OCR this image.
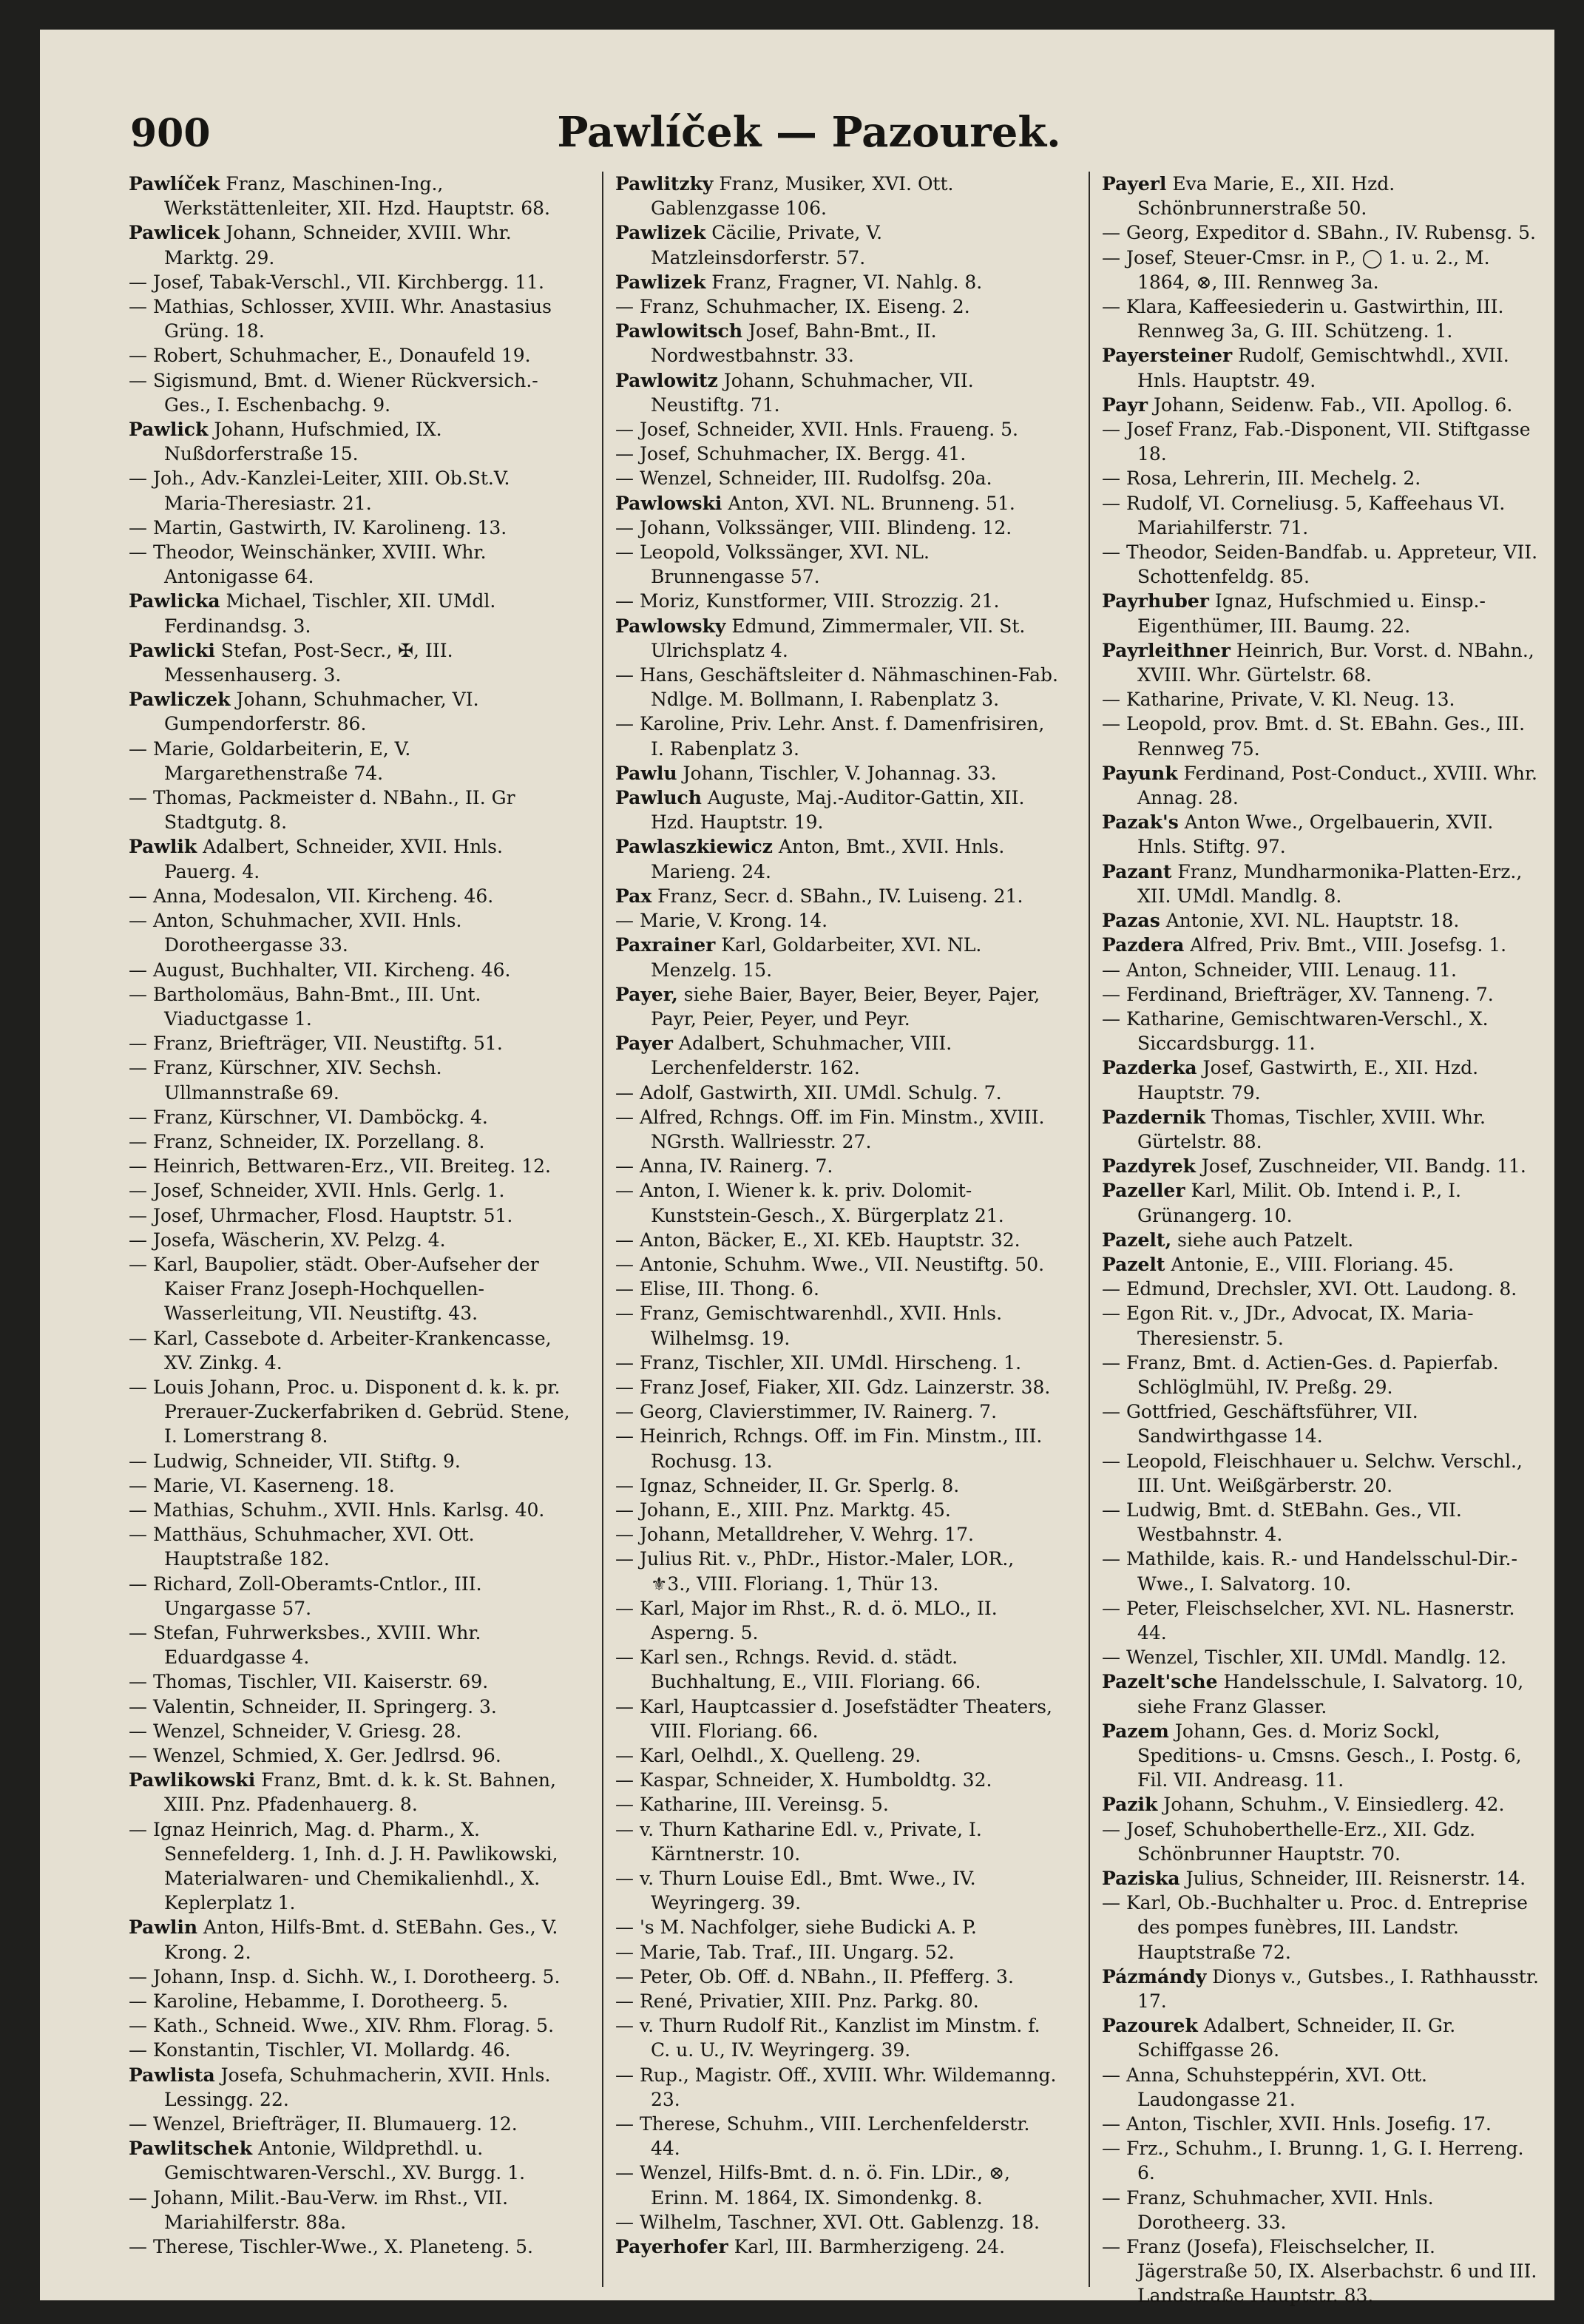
900	Pawlíček — Pazourek.
Pawlíček Franz, Maschinen-Ing., Werkstättenleiter, XII. Hzd. Hauptstr. 68.
Pawlicek Johann, Schneider, XVIII. Whr. Marktg. 29.
— Josef, Tabak-Verschl., VII. Kirchbergg. 11.
— Mathias, Schlosser, XVIII. Whr. Anastasius Grüng. 18.
— Robert, Schuhmacher, E., Donaufeld 19.
— Sigismund, Bmt. d. Wiener Rückversich.-Ges., I. Eschenbachg. 9.
Pawlick Johann, Hufschmied, IX. Nußdorferstraße 15.
— Joh., Adv.-Kanzlei-Leiter, XIII. Ob.St.V. Maria-Theresiastr. 21.
— Martin, Gastwirth, IV. Karolineng. 13.
— Theodor, Weinschänker, XVIII. Whr. Antonigasse 64.
Pawlicka Michael, Tischler, XII. UMdl. Ferdinandsg. 3.
Pawlicki Stefan, Post-Secr., ✠, III. Messenhauserg. 3.
Pawliczek Johann, Schuhmacher, VI. Gumpendorferstr. 86.
— Marie, Goldarbeiterin, E, V. Margarethenstraße 74.
— Thomas, Packmeister d. NBahn., II. Gr Stadtgutg. 8.
Pawlik Adalbert, Schneider, XVII. Hnls. Pauerg. 4.
— Anna, Modesalon, VII. Kircheng. 46.
— Anton, Schuhmacher, XVII. Hnls. Dorotheergasse 33.
— August, Buchhalter, VII. Kircheng. 46.
— Bartholomäus, Bahn-Bmt., III. Unt. Viaductgasse 1.
— Franz, Briefträger, VII. Neustiftg. 51.
— Franz, Kürschner, XIV. Sechsh. Ullmannstraße 69.
— Franz, Kürschner, VI. Damböckg. 4.
— Franz, Schneider, IX. Porzellang. 8.
— Heinrich, Bettwaren-Erz., VII. Breiteg. 12.
— Josef, Schneider, XVII. Hnls. Gerlg. 1.
— Josef, Uhrmacher, Flosd. Hauptstr. 51.
— Josefa, Wäscherin, XV. Pelzg. 4.
— Karl, Baupolier, städt. Ober-Aufseher der Kaiser Franz Joseph-Hochquellen-Wasserleitung, VII. Neustiftg. 43.
— Karl, Cassebote d. Arbeiter-Krankencasse, XV. Zinkg. 4.
— Louis Johann, Proc. u. Disponent d. k. k. pr. Prerauer-Zuckerfabriken d. Gebrüd. Stene, I. Lomerstrang 8.
— Ludwig, Schneider, VII. Stiftg. 9.
— Marie, VI. Kaserneng. 18.
— Mathias, Schuhm., XVII. Hnls. Karlsg. 40.
— Matthäus, Schuhmacher, XVI. Ott. Hauptstraße 182.
— Richard, Zoll-Oberamts-Cntlor., III. Ungargasse 57.
— Stefan, Fuhrwerksbes., XVIII. Whr. Eduardgasse 4.
— Thomas, Tischler, VII. Kaiserstr. 69.
— Valentin, Schneider, II. Springerg. 3.
— Wenzel, Schneider, V. Griesg. 28.
— Wenzel, Schmied, X. Ger. Jedlrsd. 96.
Pawlikowski Franz, Bmt. d. k. k. St. Bahnen, XIII. Pnz. Pfadenhauerg. 8.
— Ignaz Heinrich, Mag. d. Pharm., X. Sennefelderg. 1, Inh. d. J. H. Pawlikowski, Materialwaren- und Chemikalienhdl., X. Keplerplatz 1.
Pawlin Anton, Hilfs-Bmt. d. StEBahn. Ges., V. Krong. 2.
— Johann, Insp. d. Sichh. W., I. Dorotheerg. 5.
— Karoline, Hebamme, I. Dorotheerg. 5.
— Kath., Schneid. Wwe., XIV. Rhm. Florag. 5.
— Konstantin, Tischler, VI. Mollardg. 46.
Pawlista Josefa, Schuhmacherin, XVII. Hnls. Lessingg. 22.
— Wenzel, Briefträger, II. Blumauerg. 12.
Pawlitschek Antonie, Wildprethdl. u. Gemischtwaren-Verschl., XV. Burgg. 1.
— Johann, Milit.-Bau-Verw. im Rhst., VII. Mariahilferstr. 88a.
— Therese, Tischler-Wwe., X. Planeteng. 5.
Pawlitzky Franz, Musiker, XVI. Ott. Gablenzgasse 106.
Pawlizek Cäcilie, Private, V. Matzleinsdorferstr. 57.
Pawlizek Franz, Fragner, VI. Nahlg. 8.
— Franz, Schuhmacher, IX. Eiseng. 2.
Pawlowitsch Josef, Bahn-Bmt., II. Nordwestbahnstr. 33.
Pawlowitz Johann, Schuhmacher, VII. Neustiftg. 71.
— Josef, Schneider, XVII. Hnls. Fraueng. 5.
— Josef, Schuhmacher, IX. Bergg. 41.
— Wenzel, Schneider, III. Rudolfsg. 20a.
Pawlowski Anton, XVI. NL. Brunneng. 51.
— Johann, Volkssänger, VIII. Blindeng. 12.
— Leopold, Volkssänger, XVI. NL. Brunnengasse 57.
— Moriz, Kunstformer, VIII. Strozzig. 21.
Pawlowsky Edmund, Zimmermaler, VII. St. Ulrichsplatz 4.
— Hans, Geschäftsleiter d. Nähmaschinen-Fab. Ndlge. M. Bollmann, I. Rabenplatz 3.
— Karoline, Priv. Lehr. Anst. f. Damenfrisiren, I. Rabenplatz 3.
Pawlu Johann, Tischler, V. Johannag. 33.
Pawluch Auguste, Maj.-Auditor-Gattin, XII. Hzd. Hauptstr. 19.
Pawlaszkiewicz Anton, Bmt., XVII. Hnls. Marieng. 24.
Pax Franz, Secr. d. SBahn., IV. Luiseng. 21.
— Marie, V. Krong. 14.
Paxrainer Karl, Goldarbeiter, XVI. NL. Menzelg. 15.
Payer, siehe Baier, Bayer, Beier, Beyer, Pajer, Payr, Peier, Peyer, und Peyr.
Payer Adalbert, Schuhmacher, VIII. Lerchenfelderstr. 162.
— Adolf, Gastwirth, XII. UMdl. Schulg. 7.
— Alfred, Rchngs. Off. im Fin. Minstm., XVIII. NGrsth. Wallriesstr. 27.
— Anna, IV. Rainerg. 7.
— Anton, I. Wiener k. k. priv. Dolomit-Kunststein-Gesch., X. Bürgerplatz 21.
— Anton, Bäcker, E., XI. KEb. Hauptstr. 32.
— Antonie, Schuhm. Wwe., VII. Neustiftg. 50.
— Elise, III. Thong. 6.
— Franz, Gemischtwarenhdl., XVII. Hnls. Wilhelmsg. 19.
— Franz, Tischler, XII. UMdl. Hirscheng. 1.
— Franz Josef, Fiaker, XII. Gdz. Lainzerstr. 38.
— Georg, Clavierstimmer, IV. Rainerg. 7.
— Heinrich, Rchngs. Off. im Fin. Minstm., III. Rochusg. 13.
— Ignaz, Schneider, II. Gr. Sperlg. 8.
— Johann, E., XIII. Pnz. Marktg. 45.
— Johann, Metalldreher, V. Wehrg. 17.
— Julius Rit. v., PhDr., Histor.-Maler, LOR., ⚜3., VIII. Floriang. 1, Thür 13.
— Karl, Major im Rhst., R. d. ö. MLO., II. Asperng. 5.
— Karl sen., Rchngs. Revid. d. städt. Buchhaltung, E., VIII. Floriang. 66.
— Karl, Hauptcassier d. Josefstädter Theaters, VIII. Floriang. 66.
— Karl, Oelhdl., X. Quelleng. 29.
— Kaspar, Schneider, X. Humboldtg. 32.
— Katharine, III. Vereinsg. 5.
— v. Thurn Katharine Edl. v., Private, I. Kärntnerstr. 10.
— v. Thurn Louise Edl., Bmt. Wwe., IV. Weyringerg. 39.
— 's M. Nachfolger, siehe Budicki A. P.
— Marie, Tab. Traf., III. Ungarg. 52.
— Peter, Ob. Off. d. NBahn., II. Pfefferg. 3.
— René, Privatier, XIII. Pnz. Parkg. 80.
— v. Thurn Rudolf Rit., Kanzlist im Minstm. f. C. u. U., IV. Weyringerg. 39.
— Rup., Magistr. Off., XVIII. Whr. Wildemanng. 23.
— Therese, Schuhm., VIII. Lerchenfelderstr. 44.
— Wenzel, Hilfs-Bmt. d. n. ö. Fin. LDir., ⊗, Erinn. M. 1864, IX. Simondenkg. 8.
— Wilhelm, Taschner, XVI. Ott. Gablenzg. 18.
Payerhofer Karl, III. Barmherzigeng. 24.
Payerl Eva Marie, E., XII. Hzd. Schönbrunnerstraße 50.
— Georg, Expeditor d. SBahn., IV. Rubensg. 5.
— Josef, Steuer-Cmsr. in P., ◯ 1. u. 2., M. 1864, ⊗, III. Rennweg 3a.
— Klara, Kaffeesiederin u. Gastwirthin, III. Rennweg 3a, G. III. Schützeng. 1.
Payersteiner Rudolf, Gemischtwhdl., XVII. Hnls. Hauptstr. 49.
Payr Johann, Seidenw. Fab., VII. Apollog. 6.
— Josef Franz, Fab.-Disponent, VII. Stiftgasse 18.
— Rosa, Lehrerin, III. Mechelg. 2.
— Rudolf, VI. Corneliusg. 5, Kaffeehaus VI. Mariahilferstr. 71.
— Theodor, Seiden-Bandfab. u. Appreteur, VII. Schottenfeldg. 85.
Payrhuber Ignaz, Hufschmied u. Einsp.-Eigenthümer, III. Baumg. 22.
Payrleithner Heinrich, Bur. Vorst. d. NBahn., XVIII. Whr. Gürtelstr. 68.
— Katharine, Private, V. Kl. Neug. 13.
— Leopold, prov. Bmt. d. St. EBahn. Ges., III. Rennweg 75.
Payunk Ferdinand, Post-Conduct., XVIII. Whr. Annag. 28.
Pazak's Anton Wwe., Orgelbauerin, XVII. Hnls. Stiftg. 97.
Pazant Franz, Mundharmonika-Platten-Erz., XII. UMdl. Mandlg. 8.
Pazas Antonie, XVI. NL. Hauptstr. 18.
Pazdera Alfred, Priv. Bmt., VIII. Josefsg. 1.
— Anton, Schneider, VIII. Lenaug. 11.
— Ferdinand, Briefträger, XV. Tanneng. 7.
— Katharine, Gemischtwaren-Verschl., X. Siccardsburgg. 11.
Pazderka Josef, Gastwirth, E., XII. Hzd. Hauptstr. 79.
Pazdernik Thomas, Tischler, XVIII. Whr. Gürtelstr. 88.
Pazdyrek Josef, Zuschneider, VII. Bandg. 11.
Pazeller Karl, Milit. Ob. Intend i. P., I. Grünangerg. 10.
Pazelt, siehe auch Patzelt.
Pazelt Antonie, E., VIII. Floriang. 45.
— Edmund, Drechsler, XVI. Ott. Laudong. 8.
— Egon Rit. v., JDr., Advocat, IX. Maria-Theresienstr. 5.
— Franz, Bmt. d. Actien-Ges. d. Papierfab. Schlöglmühl, IV. Preßg. 29.
— Gottfried, Geschäftsführer, VII. Sandwirthgasse 14.
— Leopold, Fleischhauer u. Selchw. Verschl., III. Unt. Weißgärberstr. 20.
— Ludwig, Bmt. d. StEBahn. Ges., VII. Westbahnstr. 4.
— Mathilde, kais. R.- und Handelsschul-Dir.-Wwe., I. Salvatorg. 10.
— Peter, Fleischselcher, XVI. NL. Hasnerstr. 44.
— Wenzel, Tischler, XII. UMdl. Mandlg. 12.
Pazelt'sche Handelsschule, I. Salvatorg. 10, siehe Franz Glasser.
Pazem Johann, Ges. d. Moriz Sockl, Speditions- u. Cmsns. Gesch., I. Postg. 6, Fil. VII. Andreasg. 11.
Pazik Johann, Schuhm., V. Einsiedlerg. 42.
— Josef, Schuhoberthelle-Erz., XII. Gdz. Schönbrunner Hauptstr. 70.
Paziska Julius, Schneider, III. Reisnerstr. 14.
— Karl, Ob.-Buchhalter u. Proc. d. Entreprise des pompes funèbres, III. Landstr. Hauptstraße 72.
Pázmándy Dionys v., Gutsbes., I. Rathhausstr. 17.
Pazourek Adalbert, Schneider, II. Gr. Schiffgasse 26.
— Anna, Schuhsteppérin, XVI. Ott. Laudongasse 21.
— Anton, Tischler, XVII. Hnls. Josefig. 17.
— Frz., Schuhm., I. Brunng. 1, G. I. Herreng. 6.
— Franz, Schuhmacher, XVII. Hnls. Dorotheerg. 33.
— Franz (Josefa), Fleischselcher, II. Jägerstraße 50, IX. Alserbachstr. 6 und III. Landstraße Hauptstr. 83.
